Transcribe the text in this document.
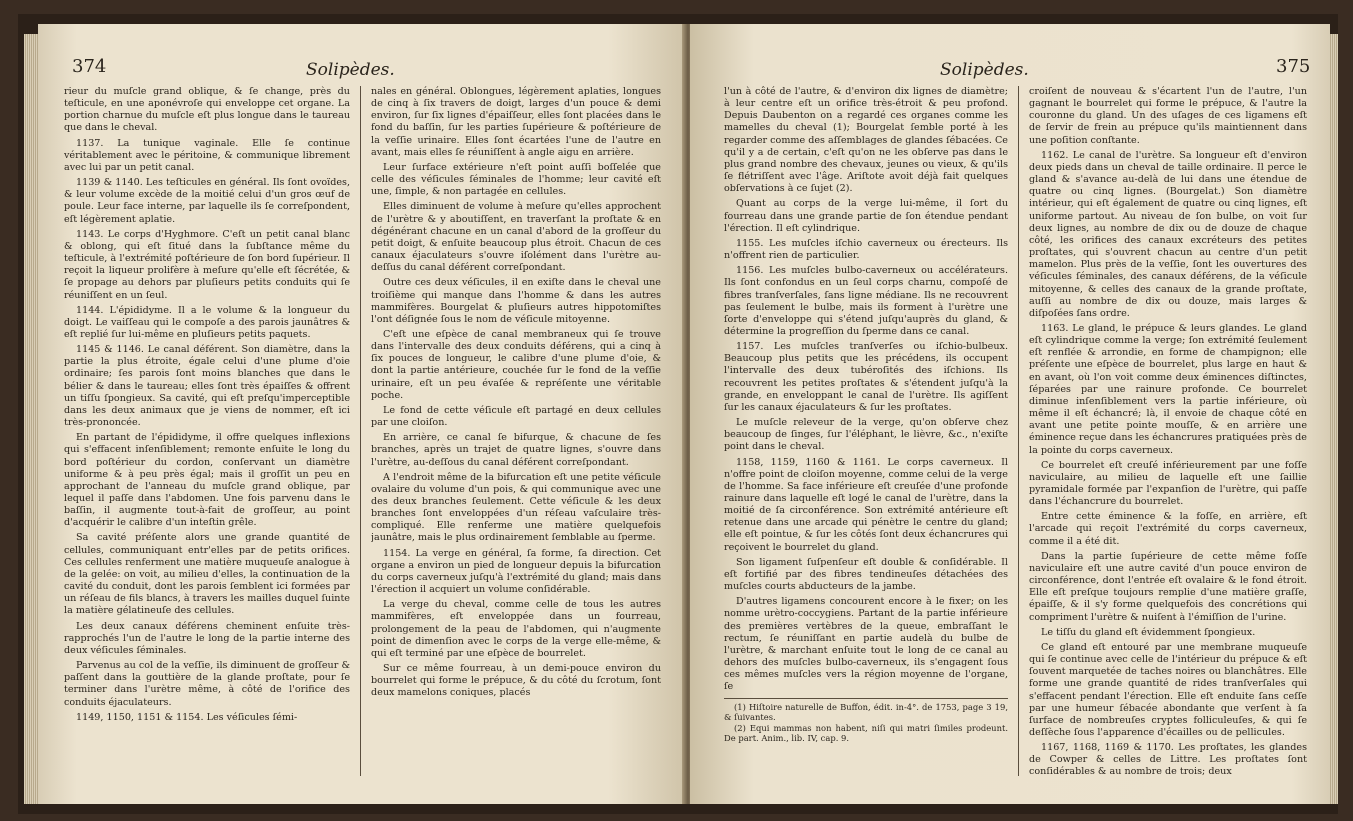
374	Solipèdes.

rieur du muſcle grand oblique, & ſe change, près du teſticule, en une aponévroſe qui enveloppe cet organe. La portion charnue du muſcle eſt plus longue dans le taureau que dans le cheval.

1137. La tunique vaginale. Elle ſe continue véritablement avec le péritoine, & communique librement avec lui par un petit canal.

1139 & 1140. Les teſticules en général. Ils ſont ovoïdes, & leur volume excède de la moitié celui d'un gros œuf de poule. Leur face interne, par laquelle ils ſe correſpondent, eſt légèrement aplatie.

1143. Le corps d'Hyghmore. C'eſt un petit canal blanc & oblong, qui eſt ſitué dans la ſubſtance même du teſticule, à l'extrémité poſtérieure de ſon bord ſupérieur. Il reçoit la liqueur prolifère à meſure qu'elle eſt ſécrétée, & ſe propage au dehors par pluſieurs petits conduits qui ſe réuniſſent en un ſeul.

1144. L'épididyme. Il a le volume & la longueur du doigt. Le vaiſſeau qui le compoſe a des parois jaunâtres & eſt replié ſur lui-même en pluſieurs petits paquets.

1145 & 1146. Le canal déférent. Son diamètre, dans la partie la plus étroite, égale celui d'une plume d'oie ordinaire; ſes parois ſont moins blanches que dans le bélier & dans le taureau; elles ſont très épaiſſes & offrent un tiſſu ſpongieux. Sa cavité, qui eſt preſqu'imperceptible dans les deux animaux que je viens de nommer, eſt ici très-prononcée.

En partant de l'épididyme, il offre quelques inflexions qui s'effacent inſenſiblement; remonte enſuite le long du bord poſtérieur du cordon, conſervant un diamètre uniforme & à peu près égal; mais il groſſit un peu en approchant de l'anneau du muſcle grand oblique, par lequel il paſſe dans l'abdomen. Une fois parvenu dans le baſſin, il augmente tout-à-fait de groſſeur, au point d'acquérir le calibre d'un inteſtin grêle.

Sa cavité préſente alors une grande quantité de cellules, communiquant entr'elles par de petits orifices. Ces cellules renferment une matière muqueuſe analogue à de la gelée: on voit, au milieu d'elles, la continuation de la cavité du conduit, dont les parois ſemblent ici formées par un réſeau de fils blancs, à travers les mailles duquel ſuinte la matière gélatineuſe des cellules.

Les deux canaux déférens cheminent enſuite très-rapprochés l'un de l'autre le long de la partie interne des deux véſicules ſéminales.

Parvenus au col de la veſſie, ils diminuent de groſſeur & paſſent dans la gouttière de la glande proſtate, pour ſe terminer dans l'urètre même, à côté de l'orifice des conduits éjaculateurs.

1149, 1150, 1151 & 1154. Les véſicules ſémi-

nales en général. Oblongues, légèrement aplaties, longues de cinq à ſix travers de doigt, larges d'un pouce & demi environ, ſur ſix lignes d'épaiſſeur, elles ſont placées dans le fond du baſſin, ſur les parties ſupérieure & poſtérieure de la veſſie urinaire. Elles ſont écartées l'une de l'autre en avant, mais elles ſe réuniſſent à angle aigu en arrière.

Leur ſurface extérieure n'eſt point auſſi boſſelée que celle des véſicules ſéminales de l'homme; leur cavité eſt une, ſimple, & non partagée en cellules.

Elles diminuent de volume à meſure qu'elles approchent de l'urètre & y aboutiſſent, en traverſant la proſtate & en dégénérant chacune en un canal d'abord de la groſſeur du petit doigt, & enſuite beaucoup plus étroit. Chacun de ces canaux éjaculateurs s'ouvre iſolément dans l'urètre au-deſſus du canal déférent correſpondant.

Outre ces deux véſicules, il en exiſte dans le cheval une troiſième qui manque dans l'homme & dans les autres mammifères. Bourgelat & pluſieurs autres hippotomiſtes l'ont déſignée ſous le nom de véſicule mitoyenne.

C'eſt une eſpèce de canal membraneux qui ſe trouve dans l'intervalle des deux conduits déférens, qui a cinq à ſix pouces de longueur, le calibre d'une plume d'oie, & dont la partie antérieure, couchée ſur le fond de la veſſie urinaire, eſt un peu évaſée & repréſente une véritable poche.

Le fond de cette véſicule eſt partagé en deux cellules par une cloiſon.

En arrière, ce canal ſe bifurque, & chacune de ſes branches, après un trajet de quatre lignes, s'ouvre dans l'urètre, au-deſſous du canal déférent correſpondant.

A l'endroit même de la bifurcation eſt une petite véſicule ovalaire du volume d'un pois, & qui communique avec une des deux branches ſeulement. Cette véſicule & les deux branches ſont enveloppées d'un réſeau vaſculaire très-compliqué. Elle renferme une matière quelquefois jaunâtre, mais le plus ordinairement ſemblable au ſperme.

1154. La verge en général, ſa forme, ſa direction. Cet organe a environ un pied de longueur depuis la bifurcation du corps caverneux juſqu'à l'extrémité du gland; mais dans l'érection il acquiert un volume conſidérable.

La verge du cheval, comme celle de tous les autres mammifères, eſt enveloppée dans un fourreau, prolongement de la peau de l'abdomen, qui n'augmente point de dimenſion avec le corps de la verge elle-même, & qui eſt terminé par une eſpèce de bourrelet.

Sur ce même fourreau, à un demi-pouce environ du bourrelet qui forme le prépuce, & du côté du ſcrotum, ſont deux mamelons coniques, placés

Solipèdes.	375

l'un à côté de l'autre, & d'environ dix lignes de diamètre; à leur centre eſt un orifice très-étroit & peu profond. Depuis Daubenton on a regardé ces organes comme les mamelles du cheval (1); Bourgelat ſemble porté à les regarder comme des aſſemblages de glandes ſébacées. Ce qu'il y a de certain, c'eſt qu'on ne les obſerve pas dans le plus grand nombre des chevaux, jeunes ou vieux, & qu'ils ſe flétriſſent avec l'âge. Ariſtote avoit déjà fait quelques obſervations à ce ſujet (2).

Quant au corps de la verge lui-même, il ſort du fourreau dans une grande partie de ſon étendue pendant l'érection. Il eſt cylindrique.

1155. Les muſcles iſchio caverneux ou érecteurs. Ils n'offrent rien de particulier.

1156. Les muſcles bulbo-caverneux ou accélérateurs. Ils ſont confondus en un ſeul corps charnu, compoſé de fibres tranſverſales, ſans ligne médiane. Ils ne recouvrent pas ſeulement le bulbe, mais ils forment à l'urètre une ſorte d'enveloppe qui s'étend juſqu'auprès du gland, & détermine la progreſſion du ſperme dans ce canal.

1157. Les muſcles tranſverſes ou iſchio-bulbeux. Beaucoup plus petits que les précédens, ils occupent l'intervalle des deux tubéroſités des iſchions. Ils recouvrent les petites proſtates & s'étendent juſqu'à la grande, en enveloppant le canal de l'urètre. Ils agiſſent ſur les canaux éjaculateurs & ſur les proſtates.

Le muſcle releveur de la verge, qu'on obſerve chez beaucoup de ſinges, ſur l'éléphant, le lièvre, &c., n'exiſte point dans le cheval.

1158, 1159, 1160 & 1161. Le corps caverneux. Il n'offre point de cloiſon moyenne, comme celui de la verge de l'homme. Sa face inférieure eſt creuſée d'une profonde rainure dans laquelle eſt logé le canal de l'urètre, dans la moitié de ſa circonférence. Son extrémité antérieure eſt retenue dans une arcade qui pénètre le centre du gland; elle eſt pointue, & ſur les côtés ſont deux échancrures qui reçoivent le bourrelet du gland.

Son ligament ſuſpenſeur eſt double & conſidérable. Il eſt fortifié par des fibres tendineuſes détachées des muſcles courts abducteurs de la jambe.

D'autres ligamens concourent encore à le fixer; on les nomme urètro-coccygiens. Partant de la partie inférieure des premières vertèbres de la queue, embraſſant le rectum, ſe réuniſſant en partie audelà du bulbe de l'urètre, & marchant enſuite tout le long de ce canal au dehors des muſcles bulbo-caverneux, ils s'engagent ſous ces mêmes muſcles vers la région moyenne de l'organe, ſe

(1) Hiſtoire naturelle de Buffon, édit. in-4°. de 1753, page 3 19, & ſuivantes.
(2) Equi mammas non habent, niſi qui matri ſimiles prodeunt. De part. Anim., lib. IV, cap. 9.

croiſent de nouveau & s'écartent l'un de l'autre, l'un gagnant le bourrelet qui forme le prépuce, & l'autre la couronne du gland. Un des uſages de ces ligamens eſt de ſervir de frein au prépuce qu'ils maintiennent dans une poſition conſtante.

1162. Le canal de l'urètre. Sa longueur eſt d'environ deux pieds dans un cheval de taille ordinaire. Il perce le gland & s'avance au-delà de lui dans une étendue de quatre ou cinq lignes. (Bourgelat.) Son diamètre intérieur, qui eſt également de quatre ou cinq lignes, eſt uniforme partout. Au niveau de ſon bulbe, on voit ſur deux lignes, au nombre de dix ou de douze de chaque côté, les orifices des canaux excréteurs des petites proſtates, qui s'ouvrent chacun au centre d'un petit mamelon. Plus près de la veſſie, ſont les ouvertures des véſicules ſéminales, des canaux déférens, de la véſicule mitoyenne, & celles des canaux de la grande proſtate, auſſi au nombre de dix ou douze, mais larges & diſpoſées ſans ordre.

1163. Le gland, le prépuce & leurs glandes. Le gland eſt cylindrique comme la verge; ſon extrémité ſeulement eſt renflée & arrondie, en forme de champignon; elle préſente une eſpèce de bourrelet, plus large en haut & en avant, où l'on voit comme deux éminences diſtinctes, ſéparées par une rainure profonde. Ce bourrelet diminue inſenſiblement vers la partie inférieure, où même il eſt échancré; là, il envoie de chaque côté en avant une petite pointe mouſſe, & en arrière une éminence reçue dans les échancrures pratiquées près de la pointe du corps caverneux.

Ce bourrelet eſt creuſé inférieurement par une foſſe naviculaire, au milieu de laquelle eſt une ſaillie pyramidale formée par l'expanſion de l'urètre, qui paſſe dans l'échancrure du bourrelet.

Entre cette éminence & la foſſe, en arrière, eſt l'arcade qui reçoit l'extrémité du corps caverneux, comme il a été dit.

Dans la partie ſupérieure de cette même foſſe naviculaire eſt une autre cavité d'un pouce environ de circonférence, dont l'entrée eſt ovalaire & le fond étroit. Elle eſt preſque toujours remplie d'une matière graſſe, épaiſſe, & il s'y forme quelquefois des concrétions qui compriment l'urètre & nuiſent à l'émiſſion de l'urine.

Le tiſſu du gland eſt évidemment ſpongieux.

Ce gland eſt entouré par une membrane muqueuſe qui ſe continue avec celle de l'intérieur du prépuce & eſt ſouvent marquetée de taches noires ou blanchâtres. Elle forme une grande quantité de rides tranſverſales qui s'effacent pendant l'érection. Elle eſt enduite ſans ceſſe par une humeur ſébacée abondante que verſent à ſa ſurface de nombreuſes cryptes folliculeuſes, & qui ſe deſſèche ſous l'apparence d'écailles ou de pellicules.

1167, 1168, 1169 & 1170. Les proſtates, les glandes de Cowper & celles de Littre. Les proſtates ſont conſidérables & au nombre de trois; deux
